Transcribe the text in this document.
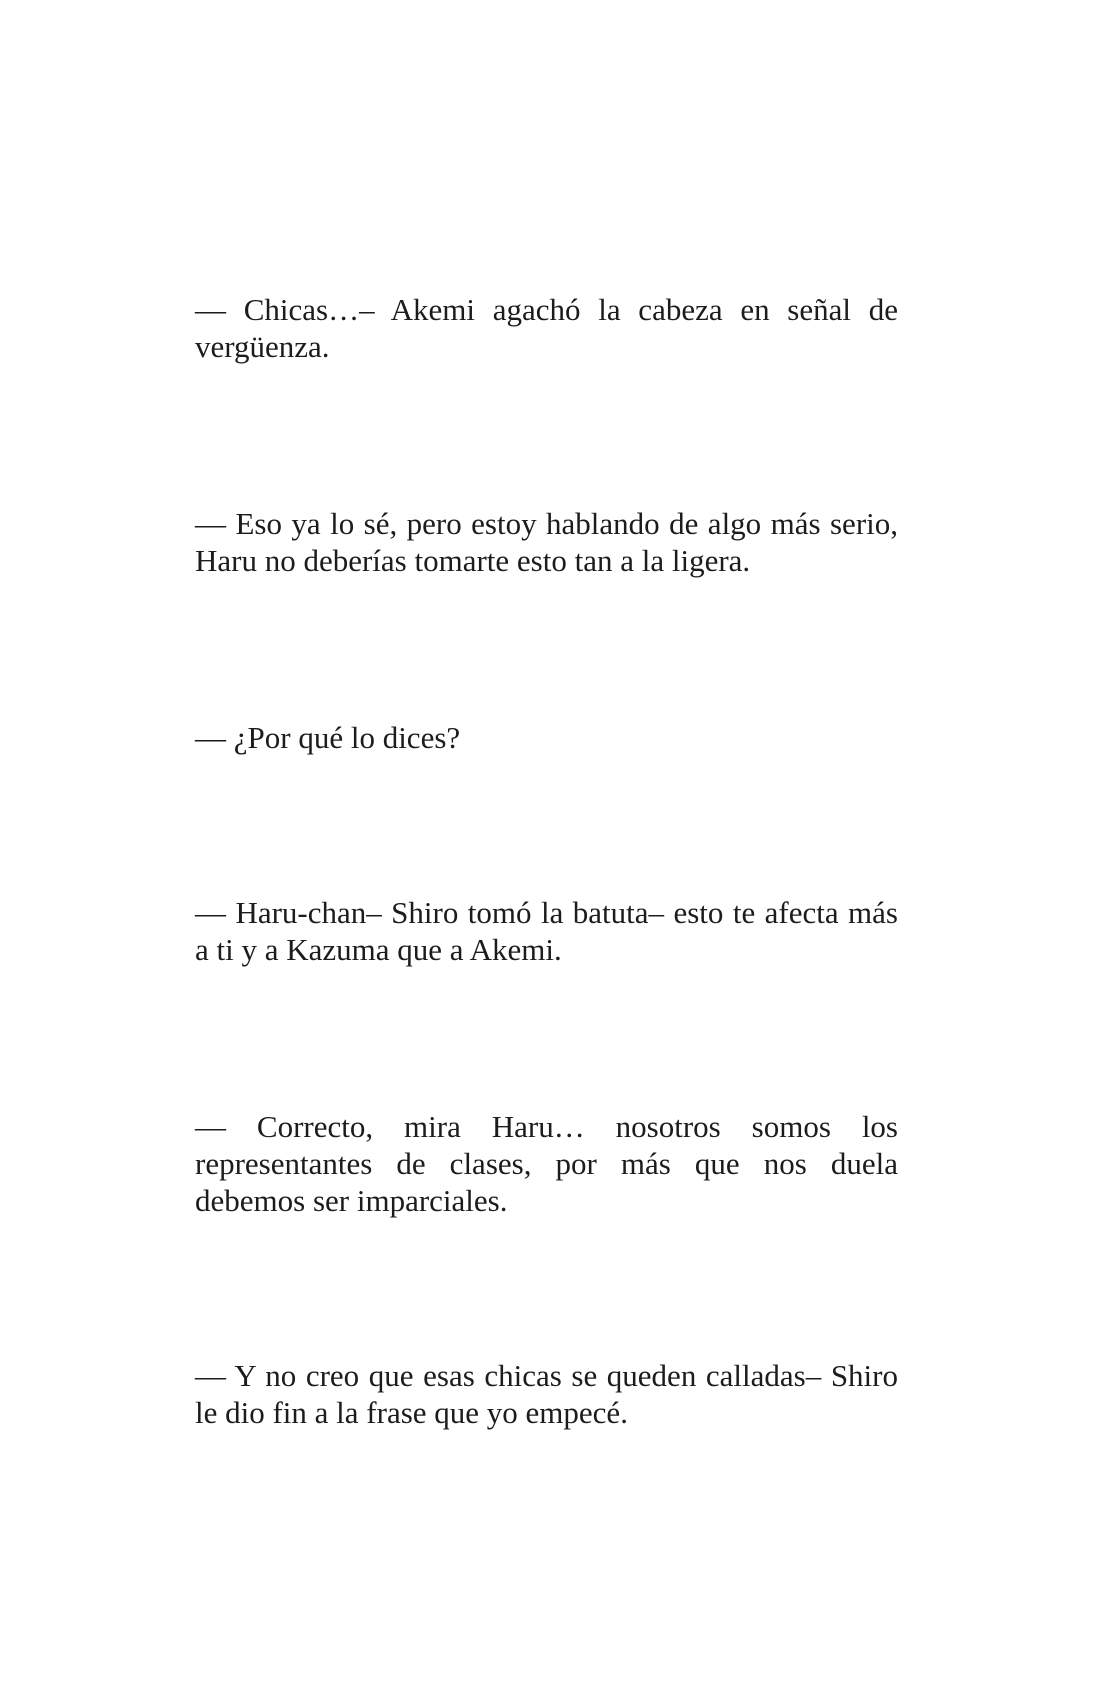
— Chicas…– Akemi agachó la cabeza en señal de vergüenza.

— Eso ya lo sé, pero estoy hablando de algo más serio, Haru no deberías tomarte esto tan a la ligera.

— ¿Por qué lo dices?

— Haru-chan– Shiro tomó la batuta– esto te afecta más a ti y a Kazuma que a Akemi.

— Correcto, mira Haru… nosotros somos los representantes de clases, por más que nos duela debemos ser imparciales.

— Y no creo que esas chicas se queden calladas– Shiro le dio fin a la frase que yo empecé.
